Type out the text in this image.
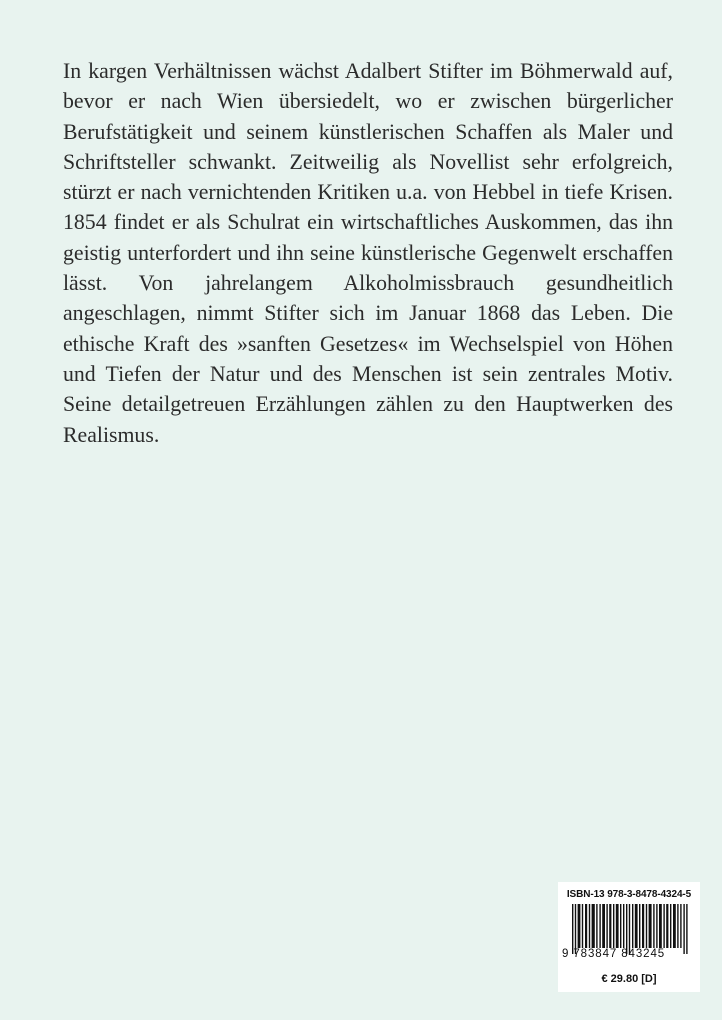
In kargen Verhältnissen wächst Adalbert Stifter im Böhmerwald auf, bevor er nach Wien übersiedelt, wo er zwischen bürgerlicher Berufstätigkeit und seinem künstlerischen Schaffen als Maler und Schriftsteller schwankt. Zeitweilig als Novellist sehr erfolgreich, stürzt er nach vernichtenden Kritiken u.a. von Hebbel in tiefe Krisen. 1854 findet er als Schulrat ein wirtschaftliches Auskommen, das ihn geistig unterfordert und ihn seine künstlerische Gegenwelt erschaffen lässt. Von jahrelangem Alkoholmissbrauch gesundheitlich angeschlagen, nimmt Stifter sich im Januar 1868 das Leben. Die ethische Kraft des »sanften Gesetzes« im Wechselspiel von Höhen und Tiefen der Natur und des Menschen ist sein zentrales Motiv. Seine detailgetreuen Erzählungen zählen zu den Hauptwerken des Realismus.

ISBN-13 978-3-8478-4324-5
9 783847 843245
€ 29.80 [D]
